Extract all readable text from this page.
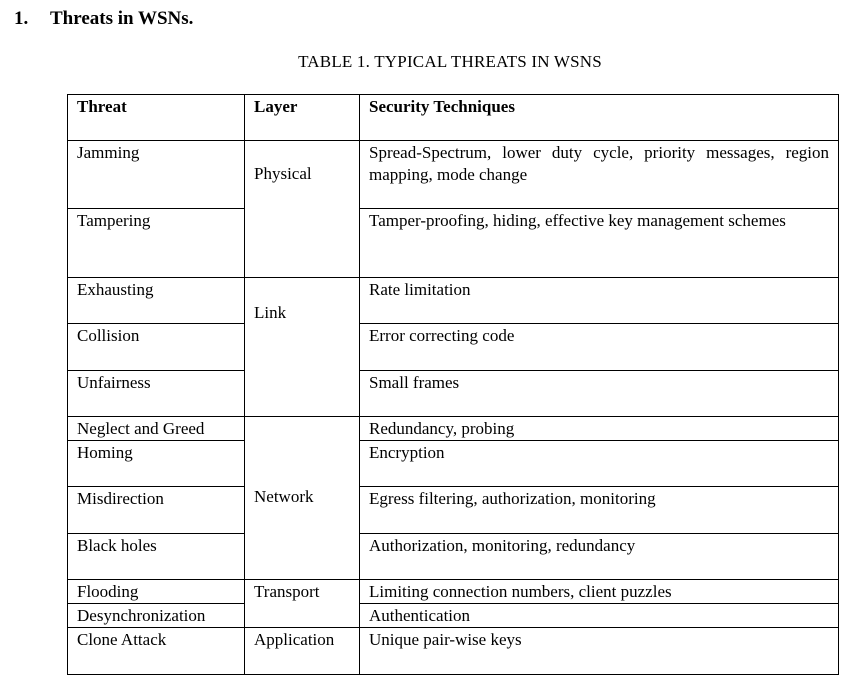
1. Threats in WSNs.
TABLE 1. TYPICAL THREATS IN WSNS
Threat	Layer	Security Techniques
Jamming	Physical	Spread-Spectrum, lower duty cycle, priority messages, region mapping, mode change
Tampering		Tamper-proofing, hiding, effective key management schemes
Exhausting	Link	Rate limitation
Collision		Error correcting code
Unfairness		Small frames
Neglect and Greed	Network	Redundancy, probing
Homing		Encryption
Misdirection		Egress filtering, authorization, monitoring
Black holes		Authorization, monitoring, redundancy
Flooding	Transport	Limiting connection numbers, client puzzles
Desynchronization		Authentication
Clone Attack	Application	Unique pair-wise keys
